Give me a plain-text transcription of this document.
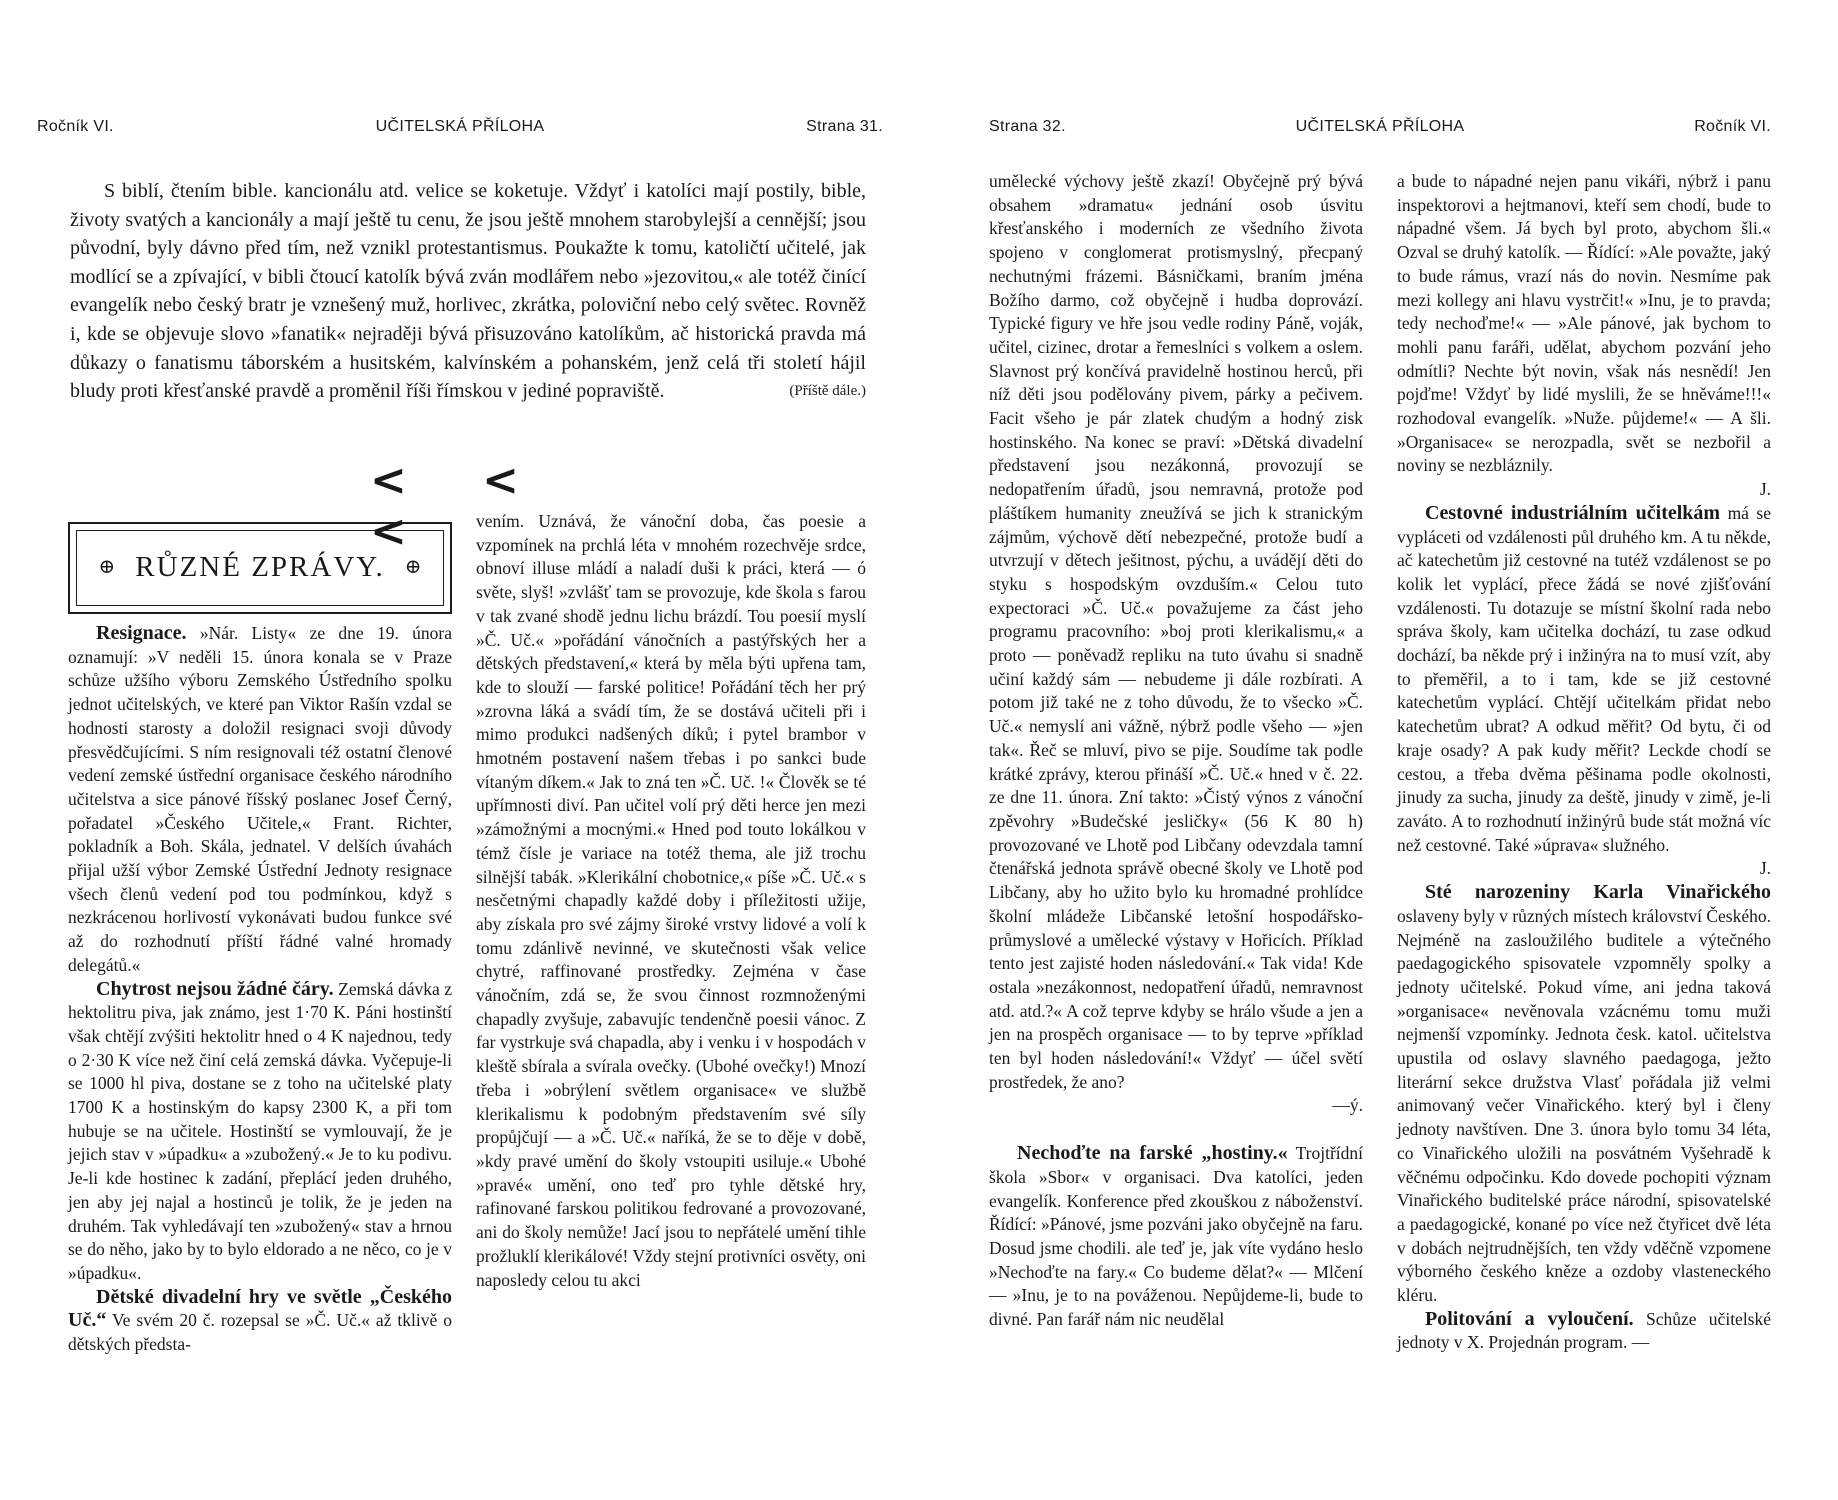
Ročník VI.	UČITELSKÁ PŘÍLOHA	Strana 31.

S biblí, čtením bible. kancionálu atd. velice se koketuje. Vždyť i katolíci mají postily, bible, životy svatých a kancionály a mají ještě tu cenu, že jsou ještě mnohem starobylejší a cennější; jsou původní, byly dávno před tím, než vznikl protestantismus. Poukažte k tomu, katoličtí učitelé, jak modlící se a zpívající, v bibli čtoucí katolík bývá zván modlářem nebo »jezovitou,« ale totéž činící evangelík nebo český bratr je vznešený muž, horlivec, zkrátka, poloviční nebo celý světec. Rovněž i, kde se objevuje slovo »fanatik« nejraději bývá přisuzováno katolíkům, ač historická pravda má důkazy o fanatismu táborském a husitském, kalvínském a pohanském, jenž celá tři století hájil bludy proti křesťanské pravdě a proměnil říši římskou v jediné popraviště.	(Příště dále.)

< < <
⊕ RŮZNÉ ZPRÁVY. ⊕

Resignace. »Nár. Listy« ze dne 19. února oznamují: »V neděli 15. února konala se v Praze schůze užšího výboru Zemského Ústředního spolku jednot učitelských, ve které pan Viktor Rašín vzdal se hodnosti starosty a doložil resignaci svoji důvody přesvědčujícími. S ním resignovali též ostatní členové vedení zemské ústřední organisace českého národního učitelstva a sice pánové říšský poslanec Josef Černý, pořadatel »Českého Učitele,« Frant. Richter, pokladník a Boh. Skála, jednatel. V delších úvahách přijal užší výbor Zemské Ústřední Jednoty resignace všech členů vedení pod tou podmínkou, když s nezkrácenou horlivostí vykonávati budou funkce své až do rozhodnutí příští řádné valné hromady delegátů.«

Chytrost nejsou žádné čáry. Zemská dávka z hektolitru piva, jak známo, jest 1·70 K. Páni hostinští však chtějí zvýšiti hektolitr hned o 4 K najednou, tedy o 2·30 K více než činí celá zemská dávka. Vyčepuje-li se 1000 hl piva, dostane se z toho na učitelské platy 1700 K a hostinským do kapsy 2300 K, a při tom hubuje se na učitele. Hostinští se vymlouvají, že je jejich stav v »úpadku« a »zubožený.« Je to ku podivu. Je-li kde hostinec k zadání, přeplácí jeden druhého, jen aby jej najal a hostinců je tolik, že je jeden na druhém. Tak vyhledávají ten »zubožený« stav a hrnou se do něho, jako by to bylo eldorado a ne něco, co je v »úpadku«.

Dětské divadelní hry ve světle „Českého Uč.“ Ve svém 20 č. rozepsal se »Č. Uč.« až tklivě o dětských předsta-

vením. Uznává, že vánoční doba, čas poesie a vzpomínek na prchlá léta v mnohém rozechvěje srdce, obnoví illuse mládí a naladí duši k práci, která — ó světe, slyš! »zvlášť tam se provozuje, kde škola s farou v tak zvané shodě jednu lichu brázdí. Tou poesií myslí »Č. Uč.« »pořádání vánočních a pastýřských her a dětských představení,« která by měla býti upřena tam, kde to slouží — farské politice! Pořádání těch her prý »zrovna láká a svádí tím, že se dostává učiteli při i mimo produkci nadšených díků; i pytel brambor v hmotném postavení našem třebas i po sankci bude vítaným díkem.« Jak to zná ten »Č. Uč. !« Člověk se té upřímnosti diví. Pan učitel volí prý děti herce jen mezi »zámožnými a mocnými.« Hned pod touto lokálkou v témž čísle je variace na totéž thema, ale již trochu silnější tabák. »Klerikální chobotnice,« píše »Č. Uč.« s nesčetnými chapadly každé doby i příležitosti užije, aby získala pro své zájmy široké vrstvy lidové a volí k tomu zdánlivě nevinné, ve skutečnosti však velice chytré, raffinované prostředky. Zejména v čase vánočním, zdá se, že svou činnost rozmnoženými chapadly zvyšuje, zabavujíc tendenčně poesii vánoc. Z far vystrkuje svá chapadla, aby i venku i v hospodách v kleště sbírala a svírala ovečky. (Ubohé ovečky!) Mnozí třeba i »obrýlení světlem organisace« ve službě klerikalismu k podobným představením své síly propůjčují — a »Č. Uč.« naříká, že se to děje v době, »kdy pravé umění do školy vstoupiti usiluje.« Ubohé »pravé« umění, ono teď pro tyhle dětské hry, rafinované farskou politikou fedrované a provozované, ani do školy nemůže! Jací jsou to nepřátelé umění tihle prožluklí klerikálové! Vždy stejní protivníci osvěty, oni naposledy celou tu akci

Strana 32.	UČITELSKÁ PŘÍLOHA	Ročník VI.

umělecké výchovy ještě zkazí! Obyčejně prý bývá obsahem »dramatu« jednání osob úsvitu křesťanského i moderních ze všedního života spojeno v conglomerat protismyslný, přecpaný nechutnými frázemi. Básničkami, braním jména Božího darmo, což obyčejně i hudba doprovází. Typické figury ve hře jsou vedle rodiny Páně, voják, učitel, cizinec, drotar a řemeslníci s volkem a oslem. Slavnost prý končívá pravidelně hostinou herců, při níž děti jsou podělovány pivem, párky a pečivem. Facit všeho je pár zlatek chudým a hodný zisk hostinského. Na konec se praví: »Dětská divadelní představení jsou nezákonná, provozují se nedopatřením úřadů, jsou nemravná, protože pod pláštíkem humanity zneužívá se jich k stranickým zájmům, výchově dětí nebezpečné, protože budí a utvrzují v dětech ješitnost, pýchu, a uvádějí děti do styku s hospodským ovzduším.« Celou tuto expectoraci »Č. Uč.« považujeme za část jeho programu pracovního: »boj proti klerikalismu,« a proto — poněvadž repliku na tuto úvahu si snadně učiní každý sám — nebudeme ji dále rozbírati. A potom již také ne z toho důvodu, že to všecko »Č. Uč.« nemyslí ani vážně, nýbrž podle všeho — »jen tak«. Řeč se mluví, pivo se pije. Soudíme tak podle krátké zprávy, kterou přináší »Č. Uč.« hned v č. 22. ze dne 11. února. Zní takto: »Čistý výnos z vánoční zpěvohry »Budečské jesličky« (56 K 80 h) provozované ve Lhotě pod Libčany odevzdala tamní čtenářská jednota správě obecné školy ve Lhotě pod Libčany, aby ho užito bylo ku hromadné prohlídce školní mládeže Libčanské letošní hospodářsko-průmyslové a umělecké výstavy v Hořicích. Příklad tento jest zajisté hoden následování.« Tak vida! Kde ostala »nezákonnost, nedopatření úřadů, nemravnost atd. atd.?« A což teprve kdyby se hrálo všude a jen a jen na prospěch organisace — to by teprve »příklad ten byl hoden následování!« Vždyť — účel světí prostředek, že ano?

—ý.

Nechoďte na farské „hostiny.« Trojtřídní škola »Sbor« v organisaci. Dva katolíci, jeden evangelík. Konference před zkouškou z náboženství. Řídící: »Pánové, jsme pozváni jako obyčejně na faru. Dosud jsme chodili. ale teď je, jak víte vydáno heslo »Nechoďte na fary.« Co budeme dělat?« — Mlčení — »Inu, je to na pováženou. Nepůjdeme-li, bude to divné. Pan farář nám nic neudělal

a bude to nápadné nejen panu vikáři, nýbrž i panu inspektorovi a hejtmanovi, kteří sem chodí, bude to nápadné všem. Já bych byl proto, abychom šli.« Ozval se druhý katolík. — Řídící: »Ale považte, jaký to bude rámus, vrazí nás do novin. Nesmíme pak mezi kollegy ani hlavu vystrčit!« »Inu, je to pravda; tedy nechoďme!« — »Ale pánové, jak bychom to mohli panu faráři, udělat, abychom pozvání jeho odmítli? Nechte být novin, však nás nesnědí! Jen pojďme! Vždyť by lidé myslili, že se hněváme!!!« rozhodoval evangelík. »Nuže. půjdeme!« — A šli. »Organisace« se nerozpadla, svět se nezbořil a noviny se nezbláznily.

J.

Cestovné industriálním učitelkám má se vypláceti od vzdálenosti půl druhého km. A tu někde, ač katechetům již cestovné na tutéž vzdálenost se po kolik let vyplácí, přece žádá se nové zjišťování vzdálenosti. Tu dotazuje se místní školní rada nebo správa školy, kam učitelka dochází, tu zase odkud dochází, ba někde prý i inžinýra na to musí vzít, aby to přeměřil, a to i tam, kde se již cestovné katechetům vyplácí. Chtějí učitelkám přidat nebo katechetům ubrat? A odkud měřit? Od bytu, či od kraje osady? A pak kudy měřit? Leckde chodí se cestou, a třeba dvěma pěšinama podle okolnosti, jinudy za sucha, jinudy za deště, jinudy v zimě, je-li zaváto. A to rozhodnutí inžinýrů bude stát možná víc než cestovné. Také »úprava« služného.

J.

Sté narozeniny Karla Vinařického oslaveny byly v různých místech království Českého. Nejméně na zasloužilého buditele a výtečného paedagogického spisovatele vzpomněly spolky a jednoty učitelské. Pokud víme, ani jedna taková »organisace« nevěnovala vzácnému tomu muži nejmenší vzpomínky. Jednota česk. katol. učitelstva upustila od oslavy slavného paedagoga, ježto literární sekce družstva Vlasť pořádala již velmi animovaný večer Vinařického. který byl i členy jednoty navštíven. Dne 3. února bylo tomu 34 léta, co Vinařického uložili na posvátném Vyšehradě k věčnému odpočinku. Kdo dovede pochopiti význam Vinařického buditelské práce národní, spisovatelské a paedagogické, konané po více než čtyřicet dvě léta v dobách nejtrudnějších, ten vždy vděčně vzpomene výborného českého kněze a ozdoby vlasteneckého kléru.

Politování a vyloučení. Schůze učitelské jednoty v X. Projednán program. —
